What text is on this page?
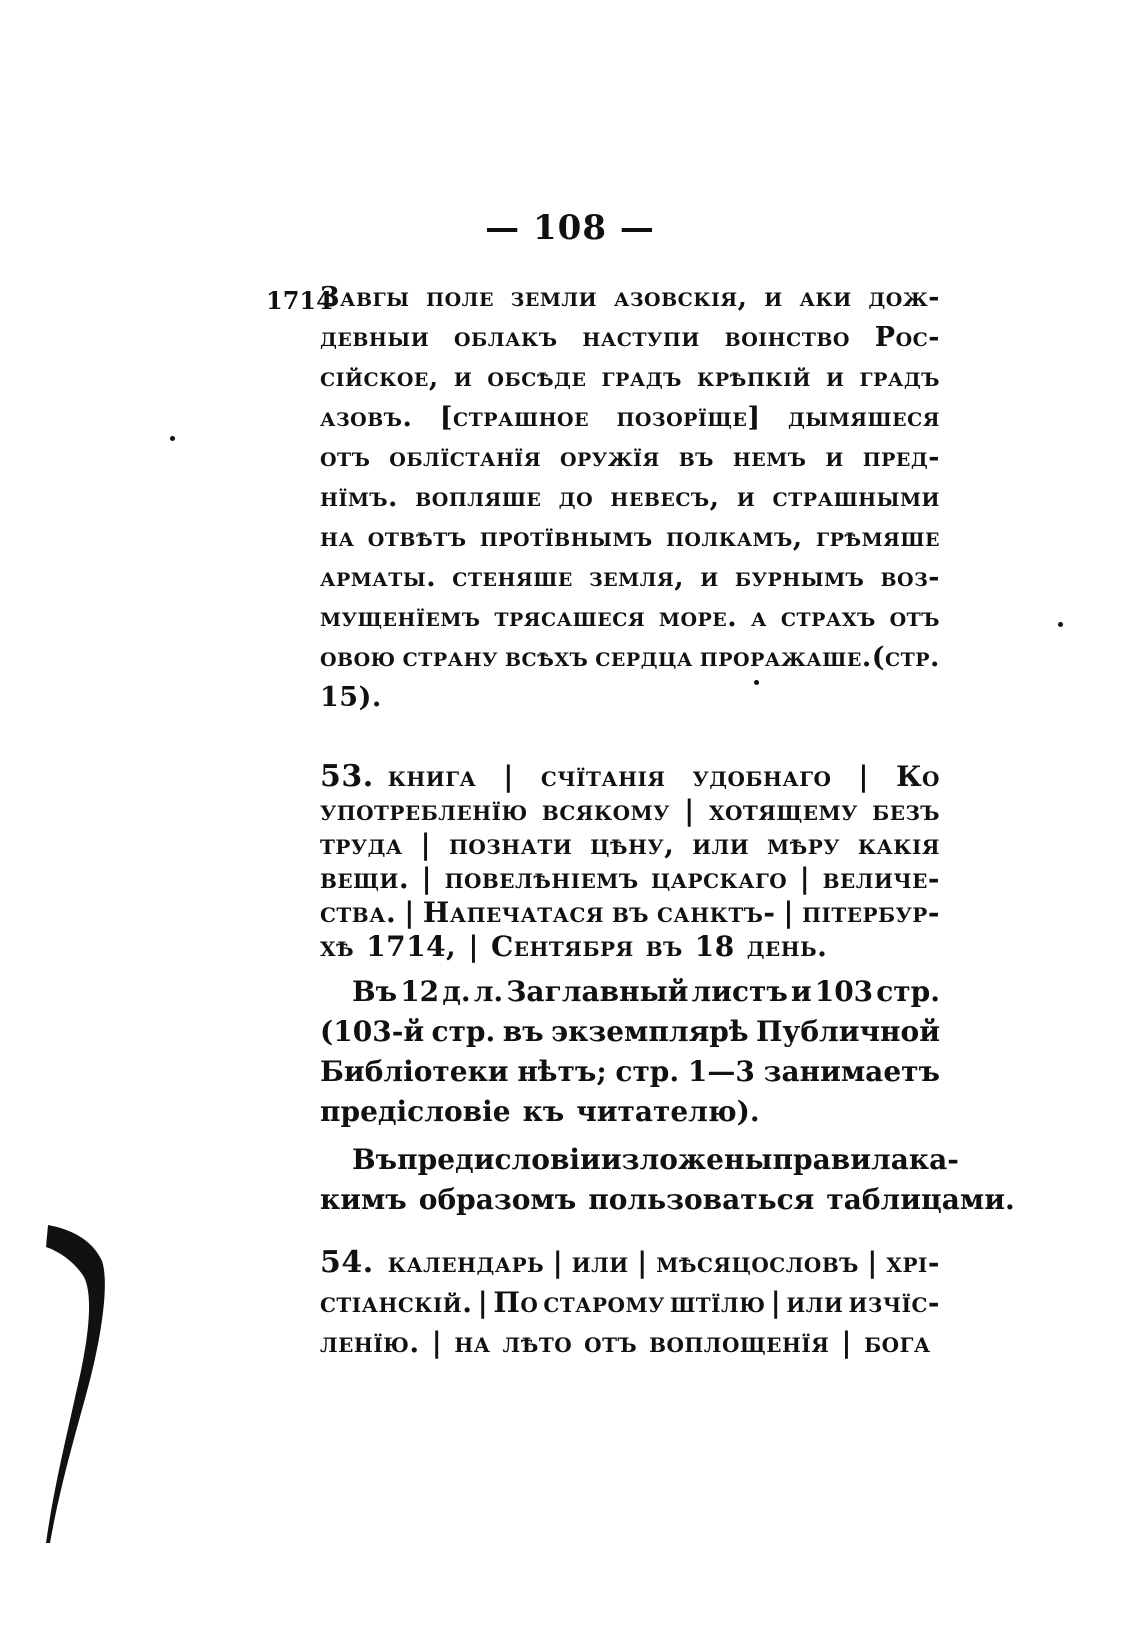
— 108 —
1714
Завгы поле земли азовскія, и аки дож-
девныи облакъ наступи воінство Рос-
сійское, и обсѣде градъ крѣпкій и градъ
азовъ. [страшное позорїще] дымяшеся
отъ облїстанїя оружїя въ немъ и пред-
нїмъ. вопляше до невесъ, и страшными
на отвѣтъ протївнымъ полкамъ, грѣмяше
арматы. стеняше земля, и бурнымъ воз-
мущенїемъ трясашеся море. а страхъ отъ
овою страну всѣхъ сердца проражаше.(стр.
15).
53. книга | счїтанія удобнаго | Ко
употребленїю всякому | хотящему безъ
труда | познати цѣну, или мѣру какія
вещи. | повелѣніемъ царскаго | величе-
ства. | Напечатася въ санктъ- | пітербур-
хѣ 1714, | Сентября въ 18 день.
Въ 12 д. л. Заглавный листъ и 103 стр.
(103-й стр. въ экземплярѣ Публичной
Библіотеки нѣтъ; стр. 1—3 занимаетъ
предісловіе къ читателю).
Въ предисловіи изложены правила ка-
кимъ образомъ пользоваться таблицами.
54. календарь | или | мѣсяцословъ | хрі-
стіанскій. | По старому штїлю | или изчїс-
ленїю. | на лѣто отъ воплощенїя | бога
